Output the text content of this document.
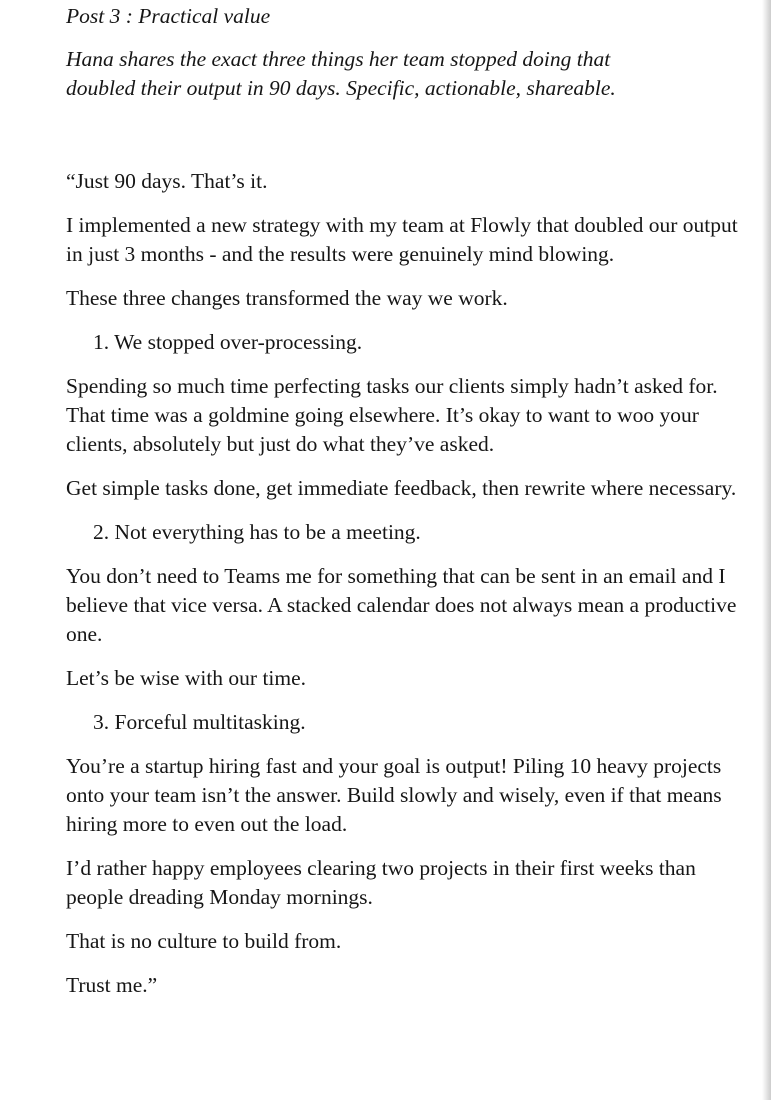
Post 3 : Practical value

Hana shares the exact three things her team stopped doing that
doubled their output in 90 days. Specific, actionable, shareable.

“Just 90 days. That’s it.

I implemented a new strategy with my team at Flowly that doubled our output in just 3 months - and the results were genuinely mind blowing.

These three changes transformed the way we work.

1. We stopped over-processing.

Spending so much time perfecting tasks our clients simply hadn’t asked for. That time was a goldmine going elsewhere. It’s okay to want to woo your clients, absolutely but just do what they’ve asked.

Get simple tasks done, get immediate feedback, then rewrite where necessary.

2. Not everything has to be a meeting.

You don’t need to Teams me for something that can be sent in an email and I believe that vice versa. A stacked calendar does not always mean a productive one.

Let’s be wise with our time.

3. Forceful multitasking.

You’re a startup hiring fast and your goal is output! Piling 10 heavy projects onto your team isn’t the answer. Build slowly and wisely, even if that means hiring more to even out the load.

I’d rather happy employees clearing two projects in their first weeks than people dreading Monday mornings.

That is no culture to build from.

Trust me.”
